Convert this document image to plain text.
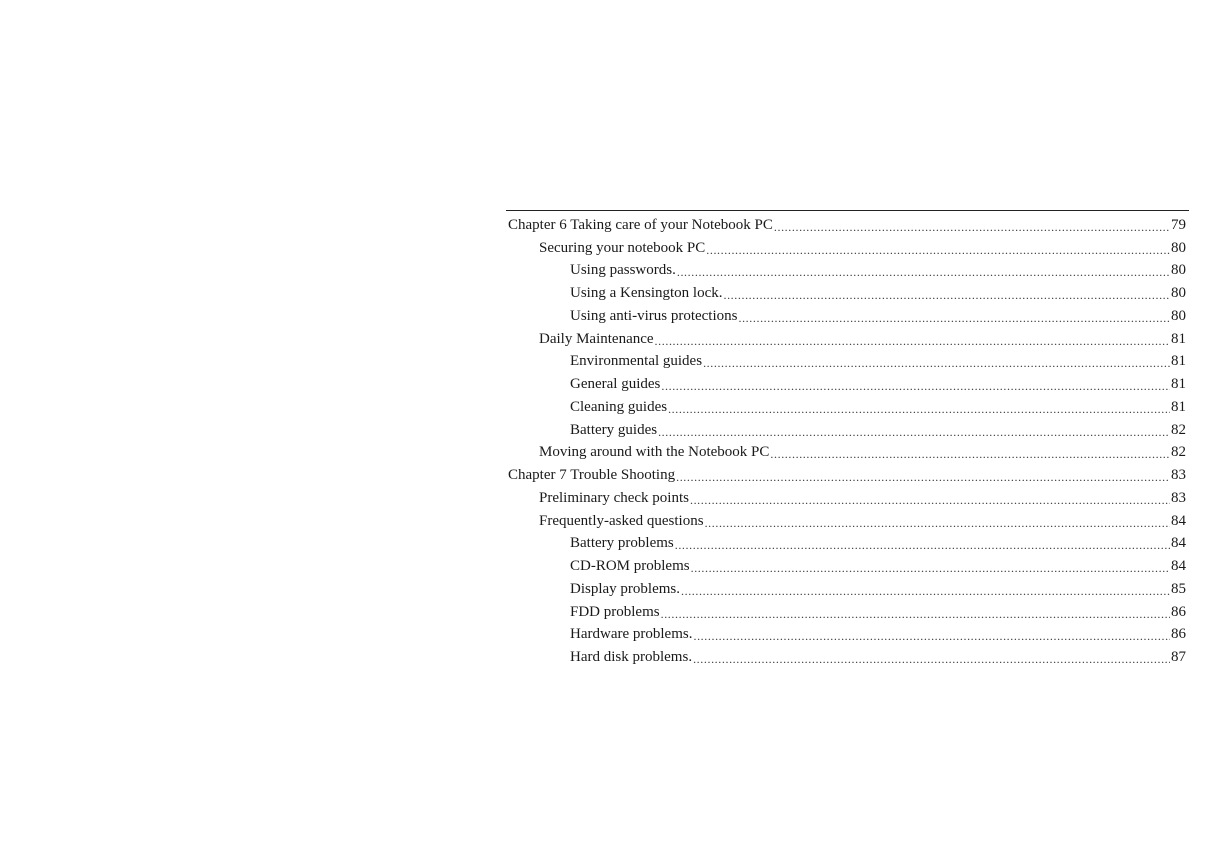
Chapter 6 Taking care of your Notebook PC .....	79
Securing your notebook PC .....	80
Using passwords. .....	80
Using a Kensington lock. .....	80
Using anti-virus protections .....	80
Daily Maintenance .....	81
Environmental guides .....	81
General guides .....	81
Cleaning guides .....	81
Battery guides .....	82
Moving around with the Notebook PC .....	82
Chapter 7 Trouble Shooting .....	83
Preliminary check points .....	83
Frequently-asked questions .....	84
Battery problems .....	84
CD-ROM problems .....	84
Display problems. .....	85
FDD problems .....	86
Hardware problems. .....	86
Hard disk problems. .....	87
